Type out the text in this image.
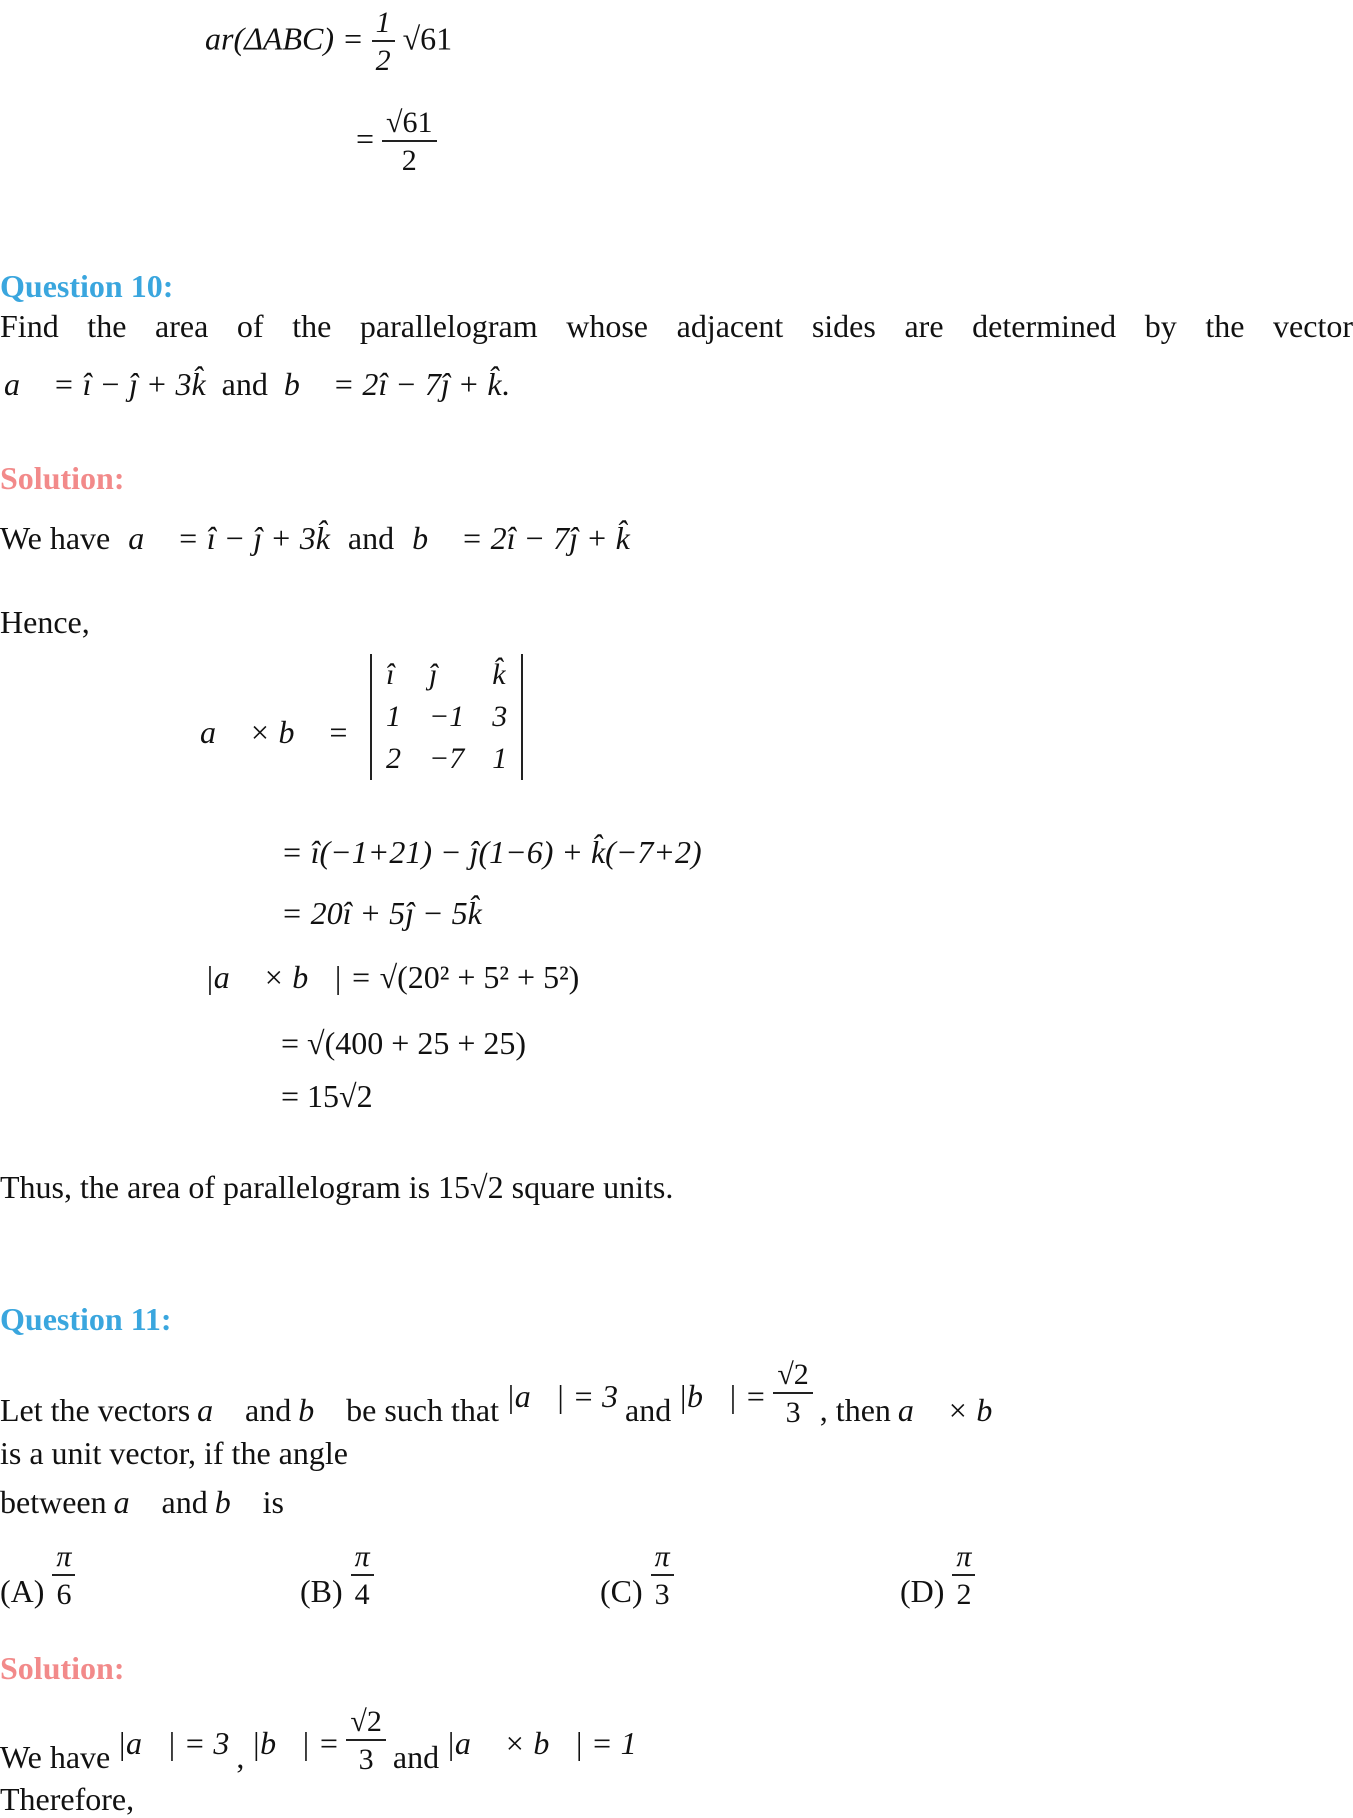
$ar(\Delta ABC) = \frac{1}{2} √61$
= $\frac{√61}{2}$
Question 10:
Find the area of the parallelogram whose adjacent sides are determined by the vector
a⃗ = î − ĵ + 3k̂ and b⃗ = 2î − 7ĵ + k̂.
Solution:
We have a⃗ = î − ĵ + 3k̂ and b⃗ = 2î − 7ĵ + k̂
Hence,
a⃗ × b⃗ =
î	ĵ	k̂
1	−1	3
2	−7	1
= î(−1+21) − ĵ(1−6) + k̂(−7+2)
= 20î + 5ĵ − 5k̂
|a⃗ × b⃗| = √(20² + 5² + 5²)
= √(400 + 25 + 25)
= 15√2
Thus, the area of parallelogram is 15√2 square units.
Question 11:
Let the vectors a⃗ and b⃗ be such that |a⃗| = 3 and |b⃗| = $\frac{√2}{3}$ , then a⃗ × b⃗
is a unit vector, if the angle
between a⃗ and b⃗ is
$(A) \frac{\pi}{6}$	$(B) \frac{\pi}{4}$	$(C) \frac{\pi}{3}$	$(D) \frac{\pi}{2}$
Solution:
We have |a⃗| = 3 , |b⃗| = $\frac{√2}{3}$ and |a⃗ × b⃗| = 1
Therefore,
